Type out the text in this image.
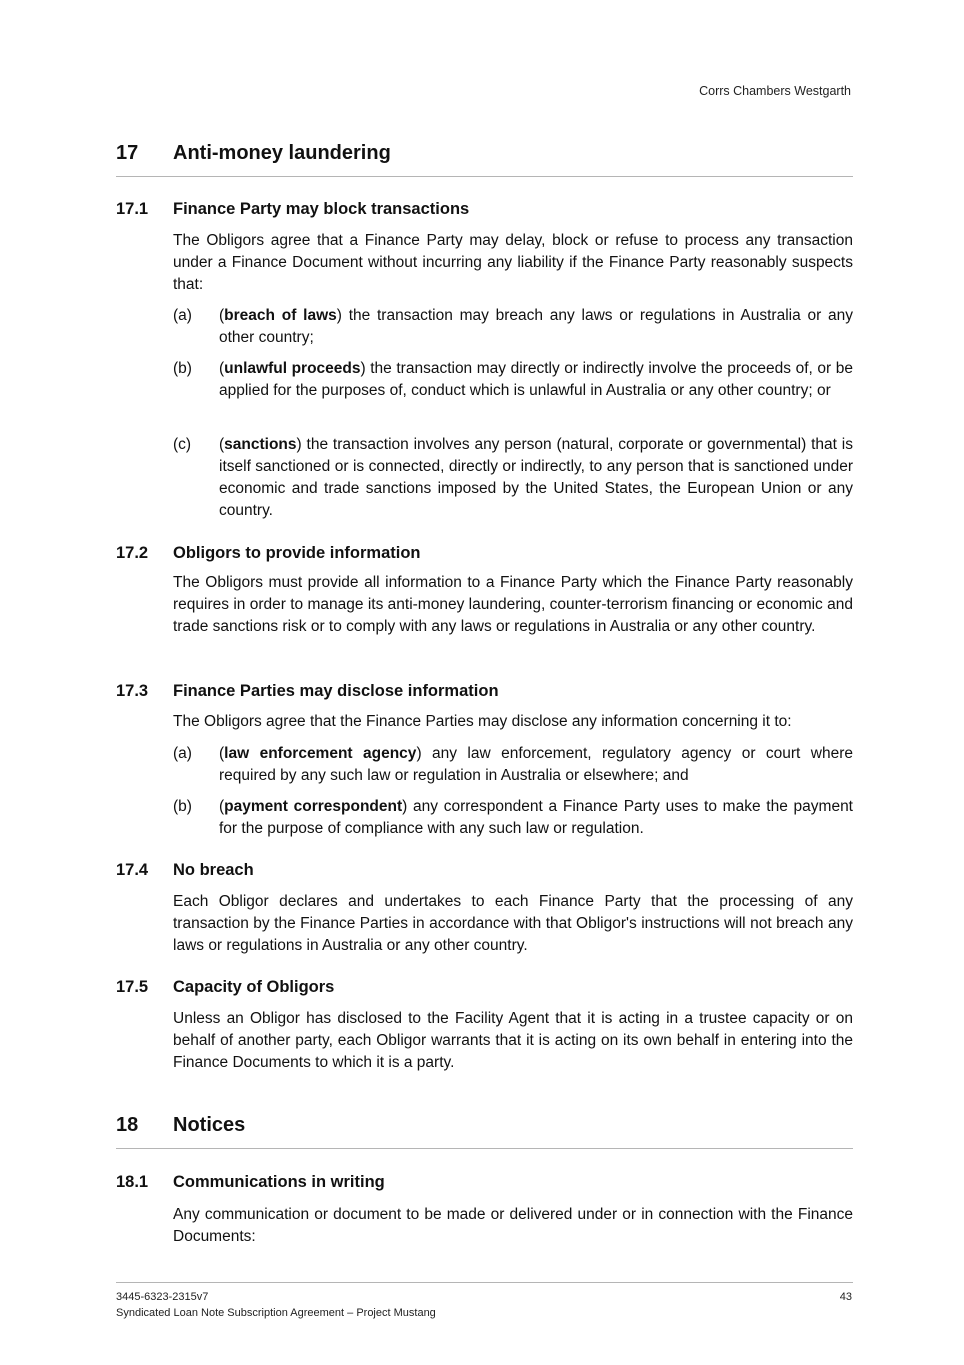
Corrs Chambers Westgarth
17 Anti-money laundering
17.1 Finance Party may block transactions
The Obligors agree that a Finance Party may delay, block or refuse to process any transaction under a Finance Document without incurring any liability if the Finance Party reasonably suspects that:
(a) (breach of laws) the transaction may breach any laws or regulations in Australia or any other country;
(b) (unlawful proceeds) the transaction may directly or indirectly involve the proceeds of, or be applied for the purposes of, conduct which is unlawful in Australia or any other country; or
(c) (sanctions) the transaction involves any person (natural, corporate or governmental) that is itself sanctioned or is connected, directly or indirectly, to any person that is sanctioned under economic and trade sanctions imposed by the United States, the European Union or any country.
17.2 Obligors to provide information
The Obligors must provide all information to a Finance Party which the Finance Party reasonably requires in order to manage its anti-money laundering, counter-terrorism financing or economic and trade sanctions risk or to comply with any laws or regulations in Australia or any other country.
17.3 Finance Parties may disclose information
The Obligors agree that the Finance Parties may disclose any information concerning it to:
(a) (law enforcement agency) any law enforcement, regulatory agency or court where required by any such law or regulation in Australia or elsewhere; and
(b) (payment correspondent) any correspondent a Finance Party uses to make the payment for the purpose of compliance with any such law or regulation.
17.4 No breach
Each Obligor declares and undertakes to each Finance Party that the processing of any transaction by the Finance Parties in accordance with that Obligor's instructions will not breach any laws or regulations in Australia or any other country.
17.5 Capacity of Obligors
Unless an Obligor has disclosed to the Facility Agent that it is acting in a trustee capacity or on behalf of another party, each Obligor warrants that it is acting on its own behalf in entering into the Finance Documents to which it is a party.
18 Notices
18.1 Communications in writing
Any communication or document to be made or delivered under or in connection with the Finance Documents:
3445-6323-2315v7
Syndicated Loan Note Subscription Agreement – Project Mustang
43
